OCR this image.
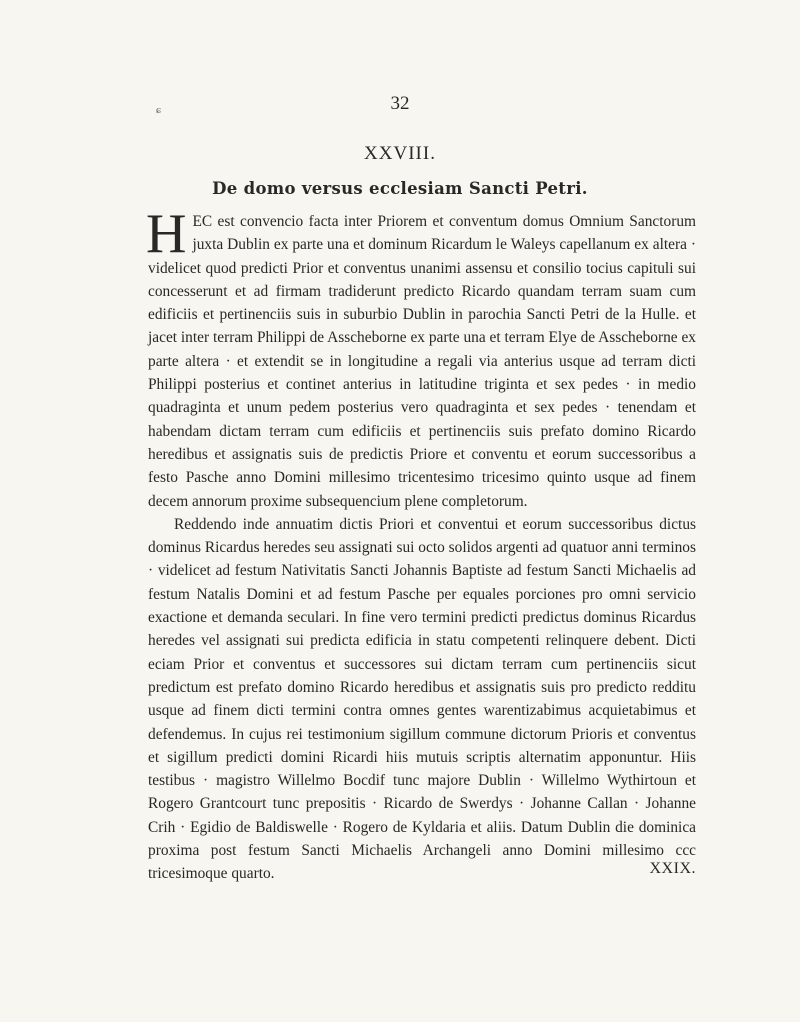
32
ɕ
XXVIII.
De domo versus ecclesiam Sancti Petri.

HEC est convencio facta inter Priorem et conventum domus Omnium Sanctorum juxta Dublin ex parte una et dominum Ricardum le Waleys capellanum ex altera · videlicet quod predicti Prior et conventus unanimi assensu et consilio tocius capituli sui concesserunt et ad firmam tradiderunt predicto Ricardo quandam terram suam cum edificiis et pertinenciis suis in suburbio Dublin in parochia Sancti Petri de la Hulle. et jacet inter terram Philippi de Asscheborne ex parte una et terram Elye de Asscheborne ex parte altera · et extendit se in longitudine a regali via anterius usque ad terram dicti Philippi posterius et continet anterius in latitudine triginta et sex pedes · in medio quadraginta et unum pedem posterius vero quadraginta et sex pedes · tenendam et habendam dictam terram cum edificiis et pertinenciis suis prefato domino Ricardo heredibus et assignatis suis de predictis Priore et conventu et eorum successoribus a festo Pasche anno Domini millesimo tricentesimo tricesimo quinto usque ad finem decem annorum proxime subsequencium plene completorum.

Reddendo inde annuatim dictis Priori et conventui et eorum successoribus dictus dominus Ricardus heredes seu assignati sui octo solidos argenti ad quatuor anni terminos · videlicet ad festum Nativitatis Sancti Johannis Baptiste ad festum Sancti Michaelis ad festum Natalis Domini et ad festum Pasche per equales porciones pro omni servicio exactione et demanda seculari. In fine vero termini predicti predictus dominus Ricardus heredes vel assignati sui predicta edificia in statu competenti relinquere debent. Dicti eciam Prior et conventus et successores sui dictam terram cum pertinenciis sicut predictum est prefato domino Ricardo heredibus et assignatis suis pro predicto redditu usque ad finem dicti termini contra omnes gentes warentizabimus acquietabimus et defendemus. In cujus rei testimonium sigillum commune dictorum Prioris et conventus et sigillum predicti domini Ricardi hiis mutuis scriptis alternatim apponuntur. Hiis testibus · magistro Willelmo Bocdif tunc majore Dublin · Willelmo Wythirtoun et Rogero Grantcourt tunc prepositis · Ricardo de Swerdys · Johanne Callan · Johanne Crih · Egidio de Baldiswelle · Rogero de Kyldaria et aliis. Datum Dublin die dominica proxima post festum Sancti Michaelis Archangeli anno Domini millesimo ccc tricesimoque quarto.	XXIX.
